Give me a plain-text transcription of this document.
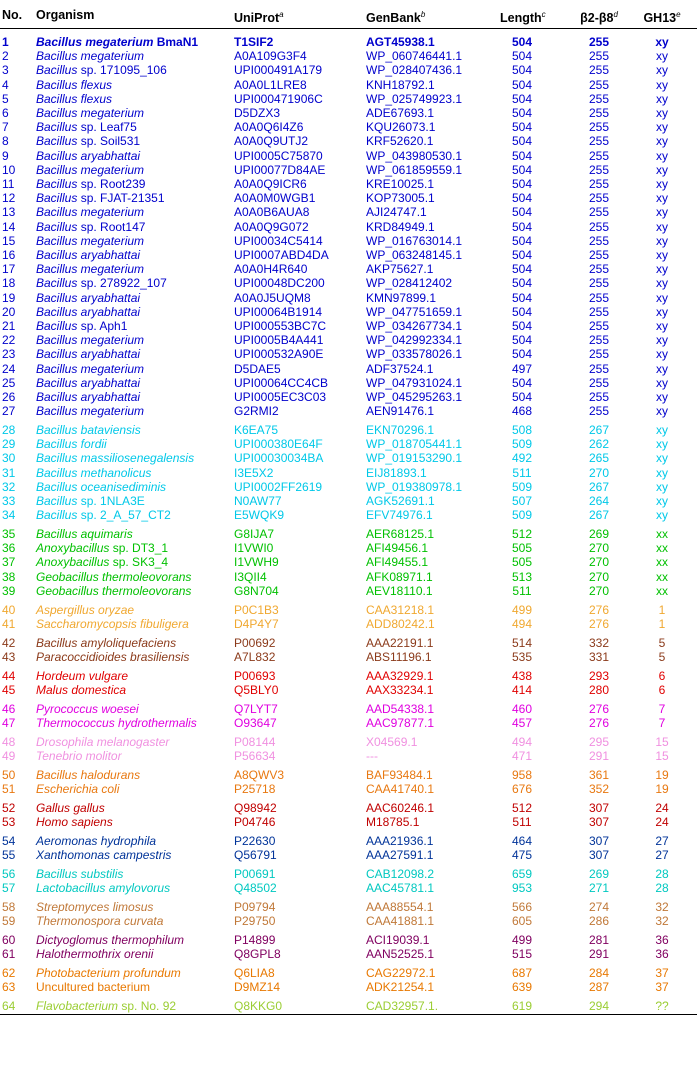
No. Organism	UniProt$^a$	GenBank$^b$	Length$^c$	β2-β8$^d$	GH13e
1 Bacillus megaterium BmaN1	T1SIF2	AGT45938.1	504	255	xy
2 Bacillus megaterium	A0A109G3F4	WP_060746441.1	504	255	xy
3 Bacillus sp. 171095_106	UPI000491A179	WP_028407436.1	504	255	xy
4 Bacillus flexus	A0A0L1LRE8	KNH18792.1	504	255	xy
5 Bacillus flexus	UPI000471906C	WP_025749923.1	504	255	xy
6 Bacillus megaterium	D5DZX3	ADE67693.1	504	255	xy
7 Bacillus sp. Leaf75	A0A0Q6I4Z6	KQU26073.1	504	255	xy
8 Bacillus sp. Soil531	A0A0Q9UTJ2	KRF52620.1	504	255	xy
9 Bacillus aryabhattai	UPI0005C75870	WP_043980530.1	504	255	xy
10 Bacillus megaterium	UPI00077D84AE	WP_061859559.1	504	255	xy
11 Bacillus sp. Root239	A0A0Q9ICR6	KRE10025.1	504	255	xy
12 Bacillus sp. FJAT-21351	A0A0M0WGB1	KOP73005.1	504	255	xy
13 Bacillus megaterium	A0A0B6AUA8	AJI24747.1	504	255	xy
14 Bacillus sp. Root147	A0A0Q9G072	KRD84949.1	504	255	xy
15 Bacillus megaterium	UPI00034C5414	WP_016763014.1	504	255	xy
16 Bacillus aryabhattai	UPI0007ABD4DA	WP_063248145.1	504	255	xy
17 Bacillus megaterium	A0A0H4R640	AKP75627.1	504	255	xy
18 Bacillus sp. 278922_107	UPI00048DC200	WP_028412402	504	255	xy
19 Bacillus aryabhattai	A0A0J5UQM8	KMN97899.1	504	255	xy
20 Bacillus aryabhattai	UPI00064B1914	WP_047751659.1	504	255	xy
21 Bacillus sp. Aph1	UPI000553BC7C	WP_034267734.1	504	255	xy
22 Bacillus megaterium	UPI0005B4A441	WP_042992334.1	504	255	xy
23 Bacillus aryabhattai	UPI000532A90E	WP_033578026.1	504	255	xy
24 Bacillus megaterium	D5DAE5	ADF37524.1	497	255	xy
25 Bacillus aryabhattai	UPI00064CC4CB	WP_047931024.1	504	255	xy
26 Bacillus aryabhattai	UPI0005EC3C03	WP_045295263.1	504	255	xy
27 Bacillus megaterium	G2RMI2	AEN91476.1	468	255	xy
28 Bacillus bataviensis	K6EA75	EKN70296.1	508	267	xy
29 Bacillus fordii	UPI000380E64F	WP_018705441.1	509	262	xy
30 Bacillus massiliosenegalensis	UPI00030034BA	WP_019153290.1	492	265	xy
31 Bacillus methanolicus	I3E5X2	EIJ81893.1	511	270	xy
32 Bacillus oceanisediminis	UPI0002FF2619	WP_019380978.1	509	267	xy
33 Bacillus sp. 1NLA3E	N0AW77	AGK52691.1	507	264	xy
34 Bacillus sp. 2_A_57_CT2	E5WQK9	EFV74976.1	509	267	xy
35 Bacillus aquimaris	G8IJA7	AER68125.1	512	269	xx
36 Anoxybacillus sp. DT3_1	I1VWI0	AFI49456.1	505	270	xx
37 Anoxybacillus sp. SK3_4	I1VWH9	AFI49455.1	505	270	xx
38 Geobacillus thermoleovorans	I3QII4	AFK08971.1	513	270	xx
39 Geobacillus thermoleovorans	G8N704	AEV18110.1	511	270	xx
40 Aspergillus oryzae	P0C1B3	CAA31218.1	499	276	1
41 Saccharomycopsis fibuligera	D4P4Y7	ADD80242.1	494	276	1
42 Bacillus amyloliquefaciens	P00692	AAA22191.1	514	332	5
43 Paracoccidioides brasiliensis	A7L832	ABS11196.1	535	331	5
44 Hordeum vulgare	P00693	AAA32929.1	438	293	6
45 Malus domestica	Q5BLY0	AAX33234.1	414	280	6
46 Pyrococcus woesei	Q7LYT7	AAD54338.1	460	276	7
47 Thermococcus hydrothermalis	O93647	AAC97877.1	457	276	7
48 Drosophila melanogaster	P08144	X04569.1	494	295	15
49 Tenebrio molitor	P56634	---	471	291	15
50 Bacillus halodurans	A8QWV3	BAF93484.1	958	361	19
51 Escherichia coli	P25718	CAA41740.1	676	352	19
52 Gallus gallus	Q98942	AAC60246.1	512	307	24
53 Homo sapiens	P04746	M18785.1	511	307	24
54 Aeromonas hydrophila	P22630	AAA21936.1	464	307	27
55 Xanthomonas campestris	Q56791	AAA27591.1	475	307	27
56 Bacillus substilis	P00691	CAB12098.2	659	269	28
57 Lactobacillus amylovorus	Q48502	AAC45781.1	953	271	28
58 Streptomyces limosus	P09794	AAA88554.1	566	274	32
59 Thermonospora curvata	P29750	CAA41881.1	605	286	32
60 Dictyoglomus thermophilum	P14899	ACI19039.1	499	281	36
61 Halothermothrix orenii	Q8GPL8	AAN52525.1	515	291	36
62 Photobacterium profundum	Q6LIA8	CAG22972.1	687	284	37
63 Uncultured bacterium	D9MZ14	ADK21254.1	639	287	37
64 Flavobacterium sp. No. 92	Q8KKG0	CAD32957.1.	619	294	??
